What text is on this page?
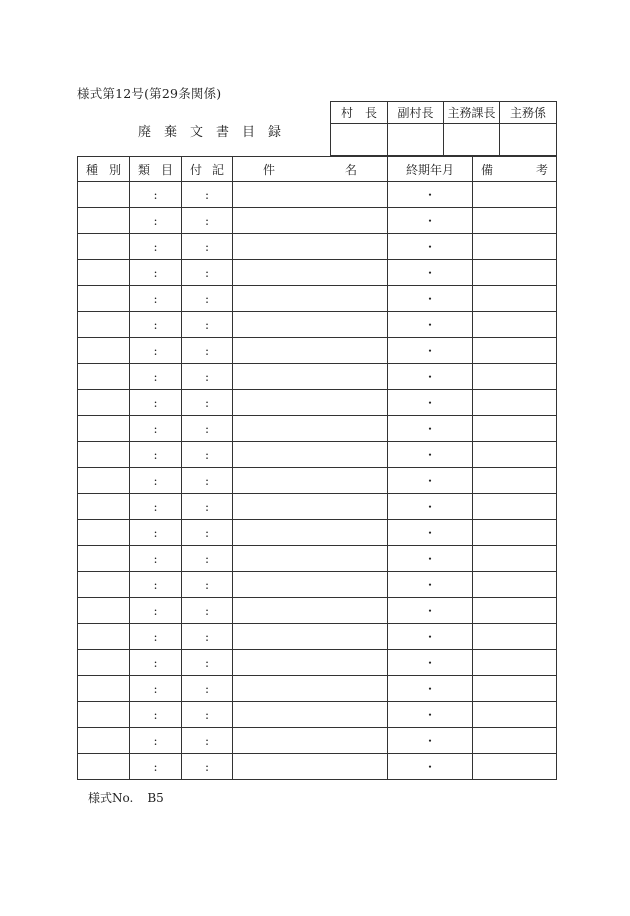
様式第12号(第29条関係)
廃 棄 文 書 目 録
村 長	副村長	主務課長	主務係

種 別	類 目	付 記	件 名	終期年月	備 考

	:	:		・	
	:	:		・	
	:	:		・	
	:	:		・	
	:	:		・	
	:	:		・	
	:	:		・	
	:	:		・	
	:	:		・	
	:	:		・	
	:	:		・	
	:	:		・	
	:	:		・	
	:	:		・	
	:	:		・	
	:	:		・	
	:	:		・	
	:	:		・	
	:	:		・	
	:	:		・	
	:	:		・	
	:	:		・	
	:	:		・	
様式No. B5
